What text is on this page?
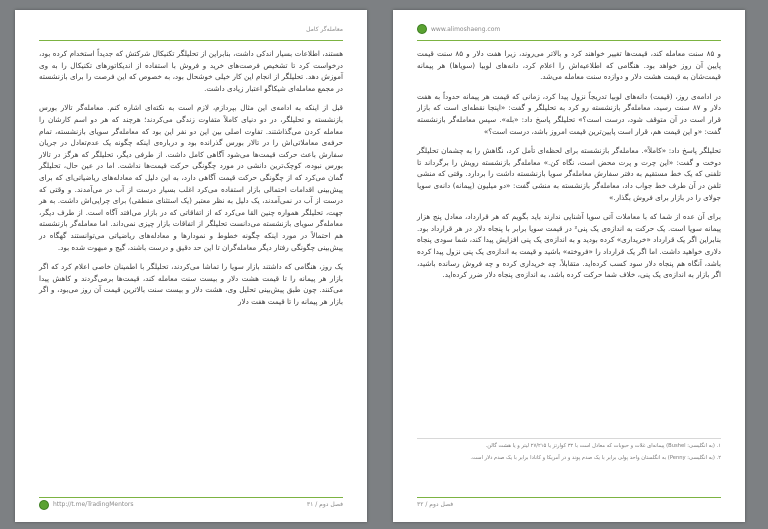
معامله‌گر کامل

هستند، اطلاعات بسیار اندکی داشت، بنابراین از تحلیلگر تکنیکال شرکتش که جدیداً استخدام کرده بود، درخواست کرد تا تشخیص فرصت‌های خرید و فروش با استفاده از اندیکاتورهای تکنیکال را به وی آموزش دهد. تحلیلگر از انجام این کار خیلی خوشحال بود، به خصوص که این فرصت را برای بازنشسته در مجمع معامله‌ای شیکاگو اعتبار زیادی داشت.

قبل از اینکه به ادامه‌ی این مثال بپردازم، لازم است به نکته‌ای اشاره کنم. معامله‌گر تالار بورس بازنشسته و تحلیلگر، در دو دنیای کاملاً متفاوت زندگی می‌کردند؛ هرچند که هر دو اسم کارشان را معامله کردن می‌گذاشتند. تفاوت اصلی بین این دو نفر این بود که معامله‌گر سویای بازنشسته، تمام حرفه‌ی معاملاتی‌اش را در تالار بورس گذرانده بود و درباره‌ی اینکه چگونه یک عدم‌تعادل در جریان سفارش باعث حرکت قیمت‌ها می‌شود آگاهی کامل داشت. از طرفی دیگر، تحلیلگر که هرگز در تالار بورس نبوده، کوچک‌ترین دانشی در مورد چگونگی حرکت قیمت‌ها نداشت. اما در عین حال، تحلیلگر گمان می‌کرد که از چگونگی حرکت قیمت آگاهی دارد، به این دلیل که معادله‌های ریاضیاتی‌ای که برای پیش‌بینی اقدامات احتمالی بازار استفاده می‌کرد اغلب بسیار درست از آب در می‌آمدند. و وقتی که درست از آب در نمی‌آمدند، یک دلیل به نظر معتبر (یک استثنای منطقی) برای چرایی‌اش داشت. به هر جهت، تحلیلگر همواره چنین القا می‌کرد که از اتفاقاتی که در بازار می‌افتد آگاه است. از طرف دیگر، معامله‌گر سویای بازنشسته می‌دانست تحلیلگر از اتفاقات بازار چیزی نمی‌داند. اما معامله‌گر بازنشسته هم احتمالاً در مورد اینکه چگونه خطوط و نمودارها و معادله‌های ریاضیاتی می‌توانستند گهگاه در پیش‌بینی چگونگی رفتار دیگر معامله‌گران تا این حد دقیق و درست باشند، گیج و مبهوت شده بود.

یک روز، هنگامی که داشتند بازار سویا را تماشا می‌کردند، تحلیلگر با اطمینان خاصی اعلام کرد که اگر بازار هر پیمانه را تا قیمت هشت دلار و بیست سنت معامله کند، قیمت‌ها برمی‌گردند و کاهش پیدا می‌کنند. چون طبق پیش‌بینی تحلیل وی، هشت دلار و بیست سنت بالاترین قیمت آن روز می‌بود، و اگر بازار هر پیمانه را تا قیمت هفت دلار

http://t.me/TradingMentors	فصل دوم / ۳۱
www.alimoshaeng.com

و ۸۵ سنت معامله کند، قیمت‌ها تغییر خواهند کرد و بالاتر می‌روند، زیرا هفت دلار و ۸۵ سنت قیمت پایین آن روز خواهد بود. هنگامی که اطلاعیه‌اش را اعلام کرد، دانه‌های لوبیا (سویاها) هر پیمانه قیمت‌شان به قیمت هشت دلار و دوازده سنت معامله می‌شد.

در ادامه‌ی روز، (قیمت) دانه‌های لوبیا تدریجاً نزول پیدا کرد، زمانی که قیمت هر پیمانه حدوداً به هفت دلار و ۸۷ سنت رسید، معامله‌گر بازنشسته رو کرد به تحلیلگر و گفت: «اینجا نقطه‌ای است که بازار قرار است در آن متوقف شود، درست است؟» تحلیلگر پاسخ داد: «بله». سپس معامله‌گر بازنشسته گفت: «و این قیمت هم، قرار است پایین‌ترین قیمت امروز باشد، درست است؟»

تحلیلگر پاسخ داد: «کاملاً». معامله‌گر بازنشسته برای لحظه‌ای تأمل کرد، نگاهش را به چشمان تحلیلگر دوخت و گفت: «این چرت و پرت محض است، نگاه کن.» معامله‌گر بازنشسته رویش را برگرداند تا تلفنی که یک خط مستقیم به دفتر سفارش معامله‌گر سویا بازنشسته داشت را بردارد. وقتی که منشی تلفن در آن طرف خط جواب داد، معامله‌گر بازنشسته به منشی گفت: «دو میلیون (پیمانه) دانه‌ی سویا جولای را در بازار برای فروش بگذار.»

برای آن عده از شما که با معاملات آتی سویا آشنایی ندارند باید بگویم که هر قرارداد، معادل پنج هزار پیمانه سویا است. یک حرکت به اندازه‌ی یک پنی² در قیمت سویا برابر با پنجاه دلار در هر قرارداد بود. بنابراین اگر یک قرارداد «خریداری» کرده بودید و به اندازه‌ی یک پنی افزایش پیدا کند، شما سودی پنجاه دلاری خواهید داشت. اما اگر یک قرارداد را «فروخته» باشید و قیمت به اندازه‌ی یک پنی نزول پیدا کرده باشد، آنگاه هم پنجاه دلار سود کسب کرده‌اید. متقابلاً، چه خریداری کرده و چه فروش رسانده باشید، اگر بازار به اندازه‌ی یک پنی، خلاف شما حرکت کرده باشد، به اندازه‌ی پنجاه دلار ضرر کرده‌اید.

۱. (به انگلیسی: Bushel) پیمانه‌ای غلات و حبوبات که معادل است با ۳۲ کوارتز یا ۲۷/۲۱۵ لیتر و یا هشت گالن.

۲. (به انگلیسی: Penny) به انگلستان واحد پولی برابر با یک صدم پوند و در آمریکا و کانادا برابر با یک صدم دلار است.

فصل دوم / ۳۲
